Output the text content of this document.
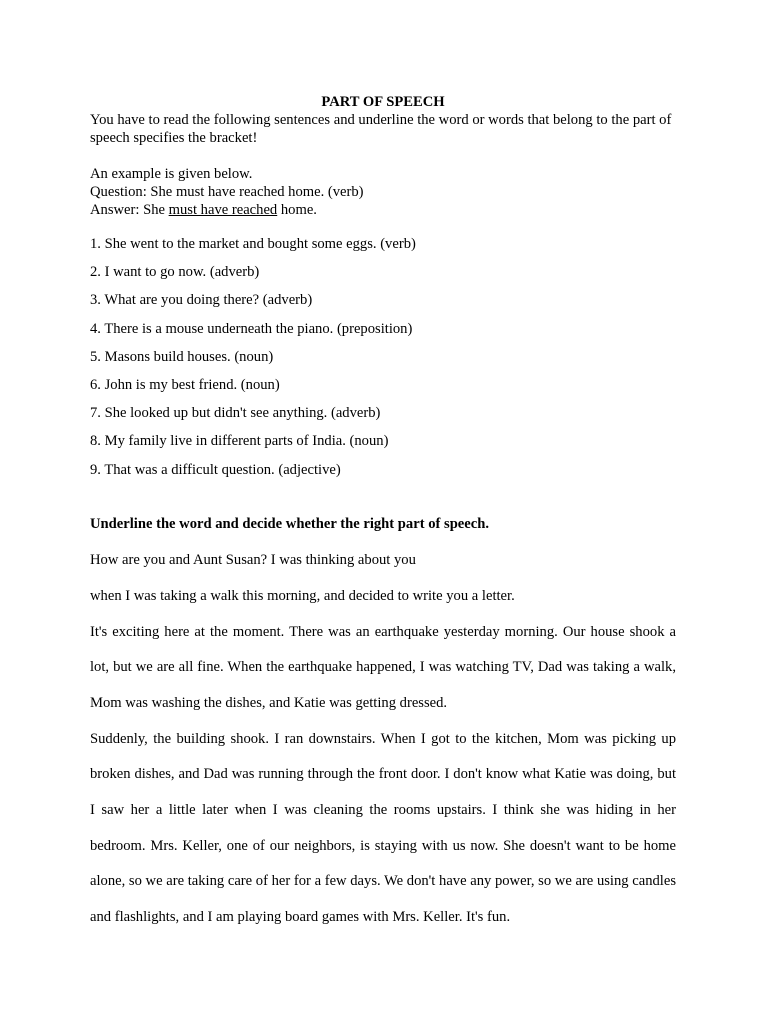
PART OF SPEECH
You have to read the following sentences and underline the word or words that belong to the part of speech specifies the bracket!
An example is given below.
Question: She must have reached home. (verb)
Answer: She must have reached home.
1. She went to the market and bought some eggs. (verb)
2. I want to go now. (adverb)
3. What are you doing there? (adverb)
4. There is a mouse underneath the piano. (preposition)
5. Masons build houses. (noun)
6. John is my best friend. (noun)
7. She looked up but didn't see anything. (adverb)
8. My family live in different parts of India. (noun)
9. That was a difficult question. (adjective)
Underline the word and decide whether the right part of speech.
How are you and Aunt Susan? I was thinking about you
when I was taking a walk this morning, and decided to write you a letter.

It's exciting here at the moment. There was an earthquake yesterday morning. Our house shook a lot, but we are all fine. When the earthquake happened, I was watching TV, Dad was taking a walk, Mom was washing the dishes, and Katie was getting dressed.

Suddenly, the building shook. I ran downstairs. When I got to the kitchen, Mom was picking up broken dishes, and Dad was running through the front door. I don't know what Katie was doing, but I saw her a little later when I was cleaning the rooms upstairs. I think she was hiding in her bedroom. Mrs. Keller, one of our neighbors, is staying with us now. She doesn't want to be home alone, so we are taking care of her for a few days. We don't have any power, so we are using candles and flashlights, and I am playing board games with Mrs. Keller. It's fun.
